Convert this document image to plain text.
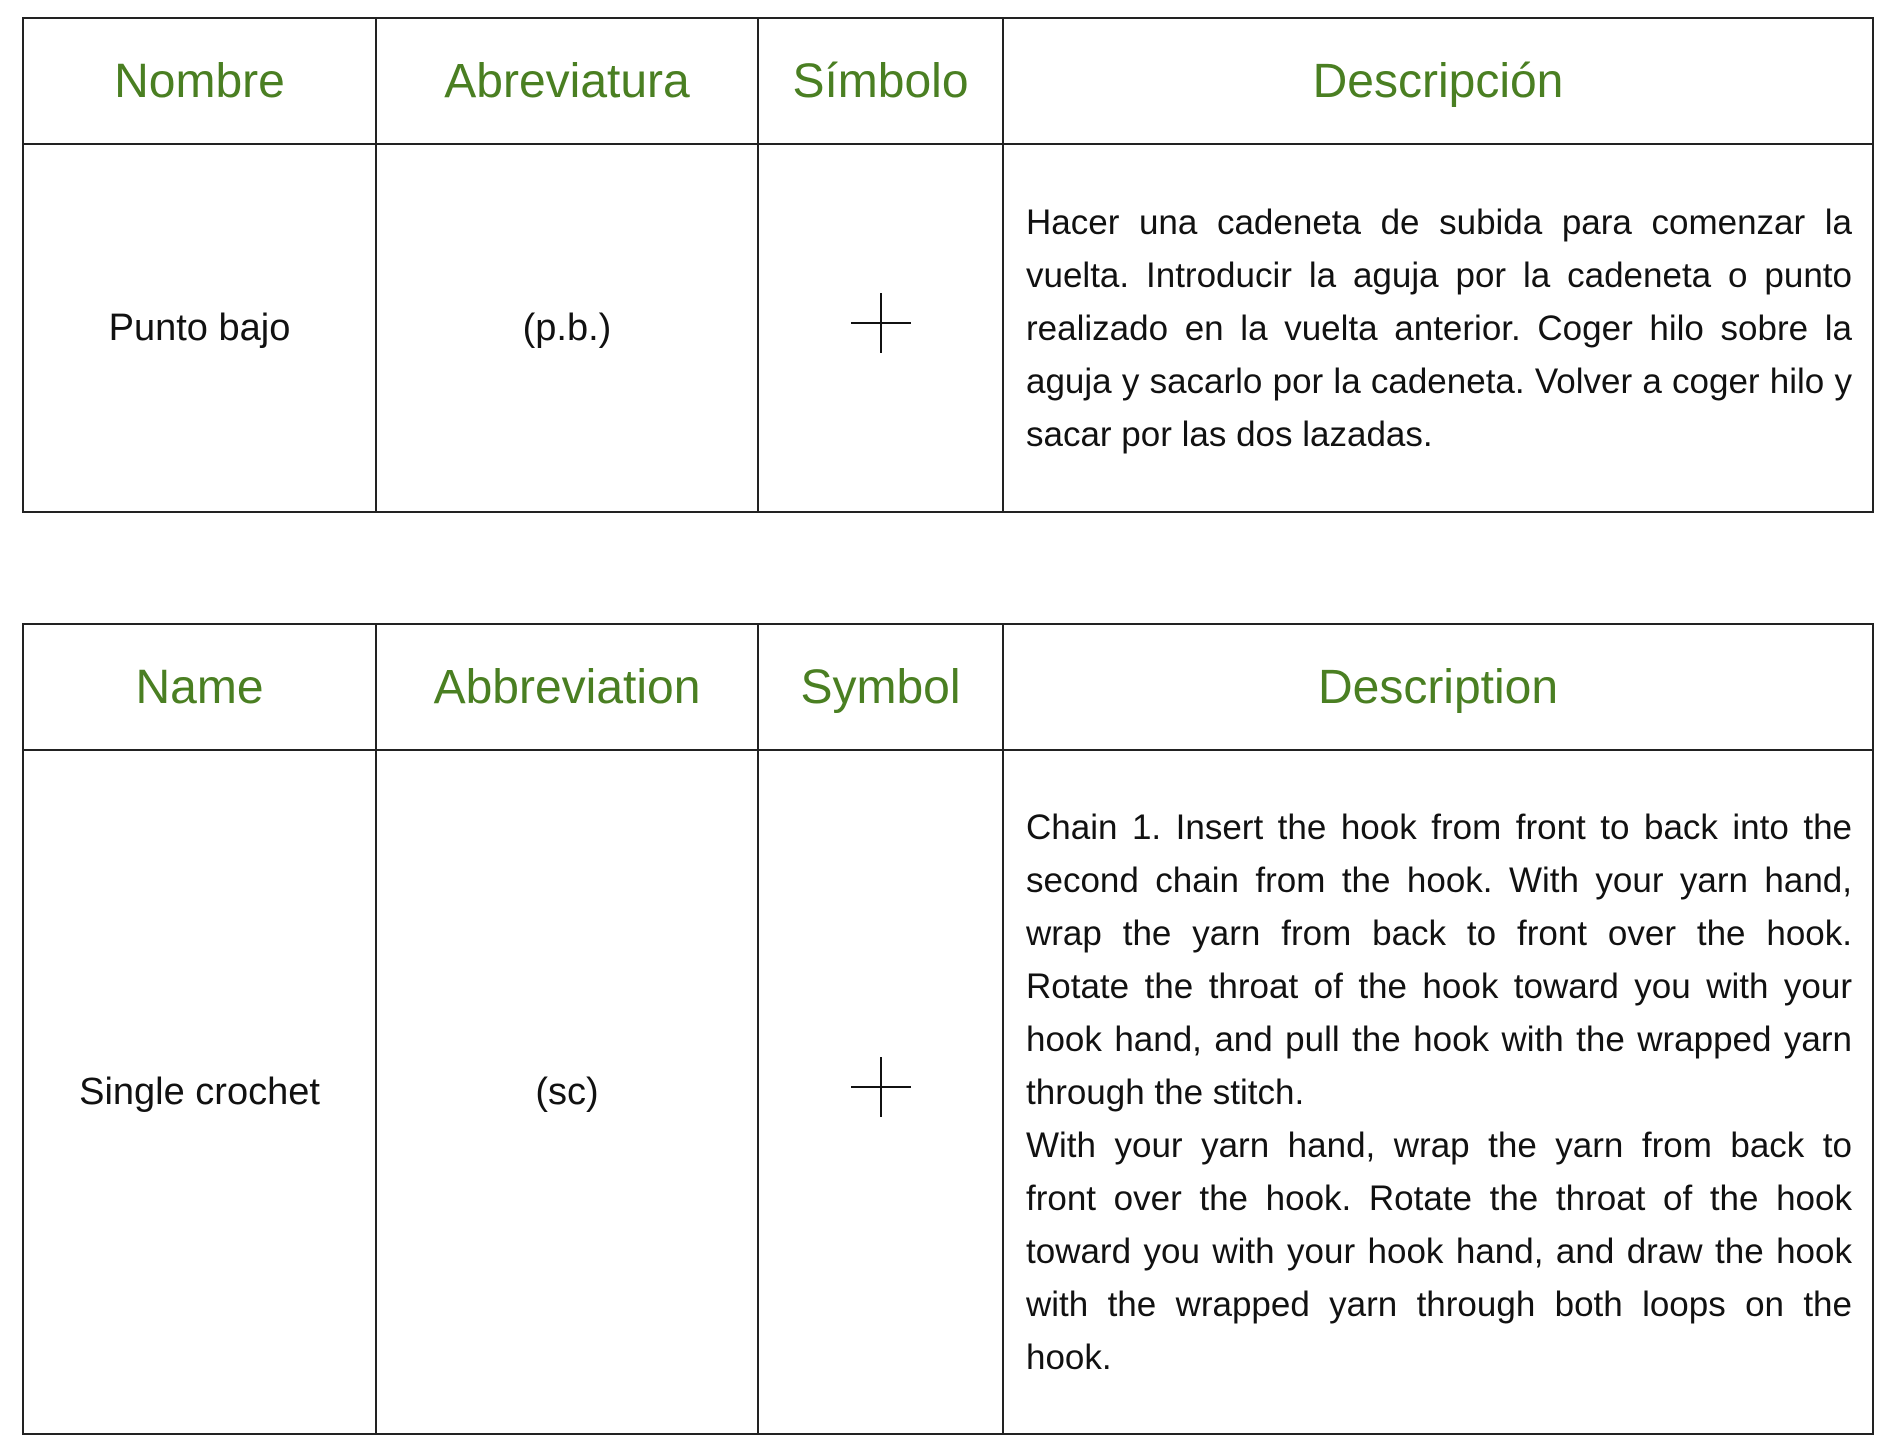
Nombre	Abreviatura	Símbolo	Descripción
Punto bajo	(p.b.)		Hacer una cadeneta de subida para comenzar la vuelta. Introducir la aguja por la cadeneta o punto realizado en la vuelta anterior. Coger hilo sobre la aguja y sacarlo por la cadeneta. Volver a coger hilo y sacar por las dos lazadas.

Name	Abbreviation	Symbol	Description
Single crochet	(sc)		Chain 1. Insert the hook from front to back into the second chain from the hook. With your yarn hand, wrap the yarn from back to front over the hook. Rotate the throat of the hook toward you with your hook hand, and pull the hook with the wrapped yarn through the stitch.

With your yarn hand, wrap the yarn from back to front over the hook. Rotate the throat of the hook toward you with your hook hand, and draw the hook with the wrapped yarn through both loops on the hook.
